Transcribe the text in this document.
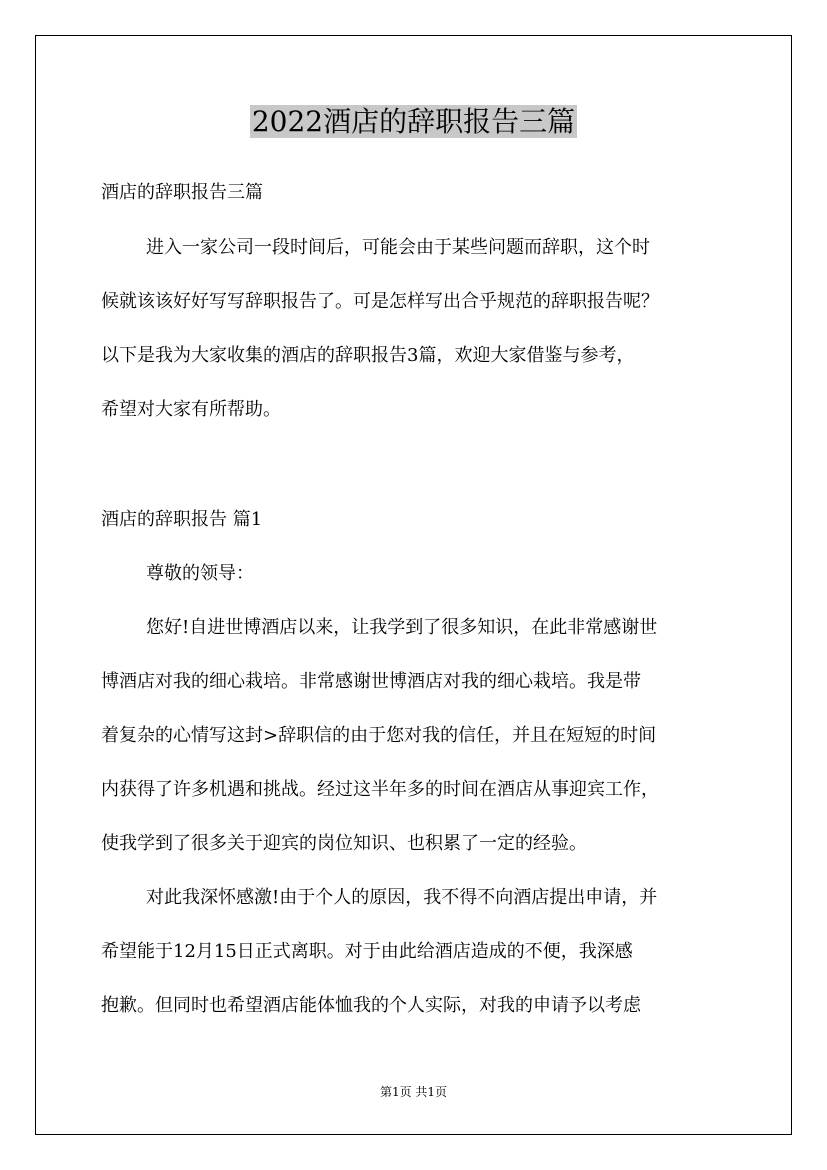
2022酒店的辞职报告三篇
酒店的辞职报告三篇
进入一家公司一段时间后，可能会由于某些问题而辞职，这个时
候就该该好好写写辞职报告了。可是怎样写出合乎规范的辞职报告呢？
以下是我为大家收集的酒店的辞职报告3篇，欢迎大家借鉴与参考，
希望对大家有所帮助。
酒店的辞职报告 篇1
尊敬的领导：
您好!自进世博酒店以来，让我学到了很多知识，在此非常感谢世
博酒店对我的细心栽培。非常感谢世博酒店对我的细心栽培。我是带
着复杂的心情写这封>辞职信的由于您对我的信任，并且在短短的时间
内获得了许多机遇和挑战。经过这半年多的时间在酒店从事迎宾工作，
使我学到了很多关于迎宾的岗位知识、也积累了一定的经验。
对此我深怀感激!由于个人的原因，我不得不向酒店提出申请，并
希望能于12月15日正式离职。对于由此给酒店造成的不便，我深感
抱歉。但同时也希望酒店能体恤我的个人实际，对我的申请予以考虑
第1页 共1页
